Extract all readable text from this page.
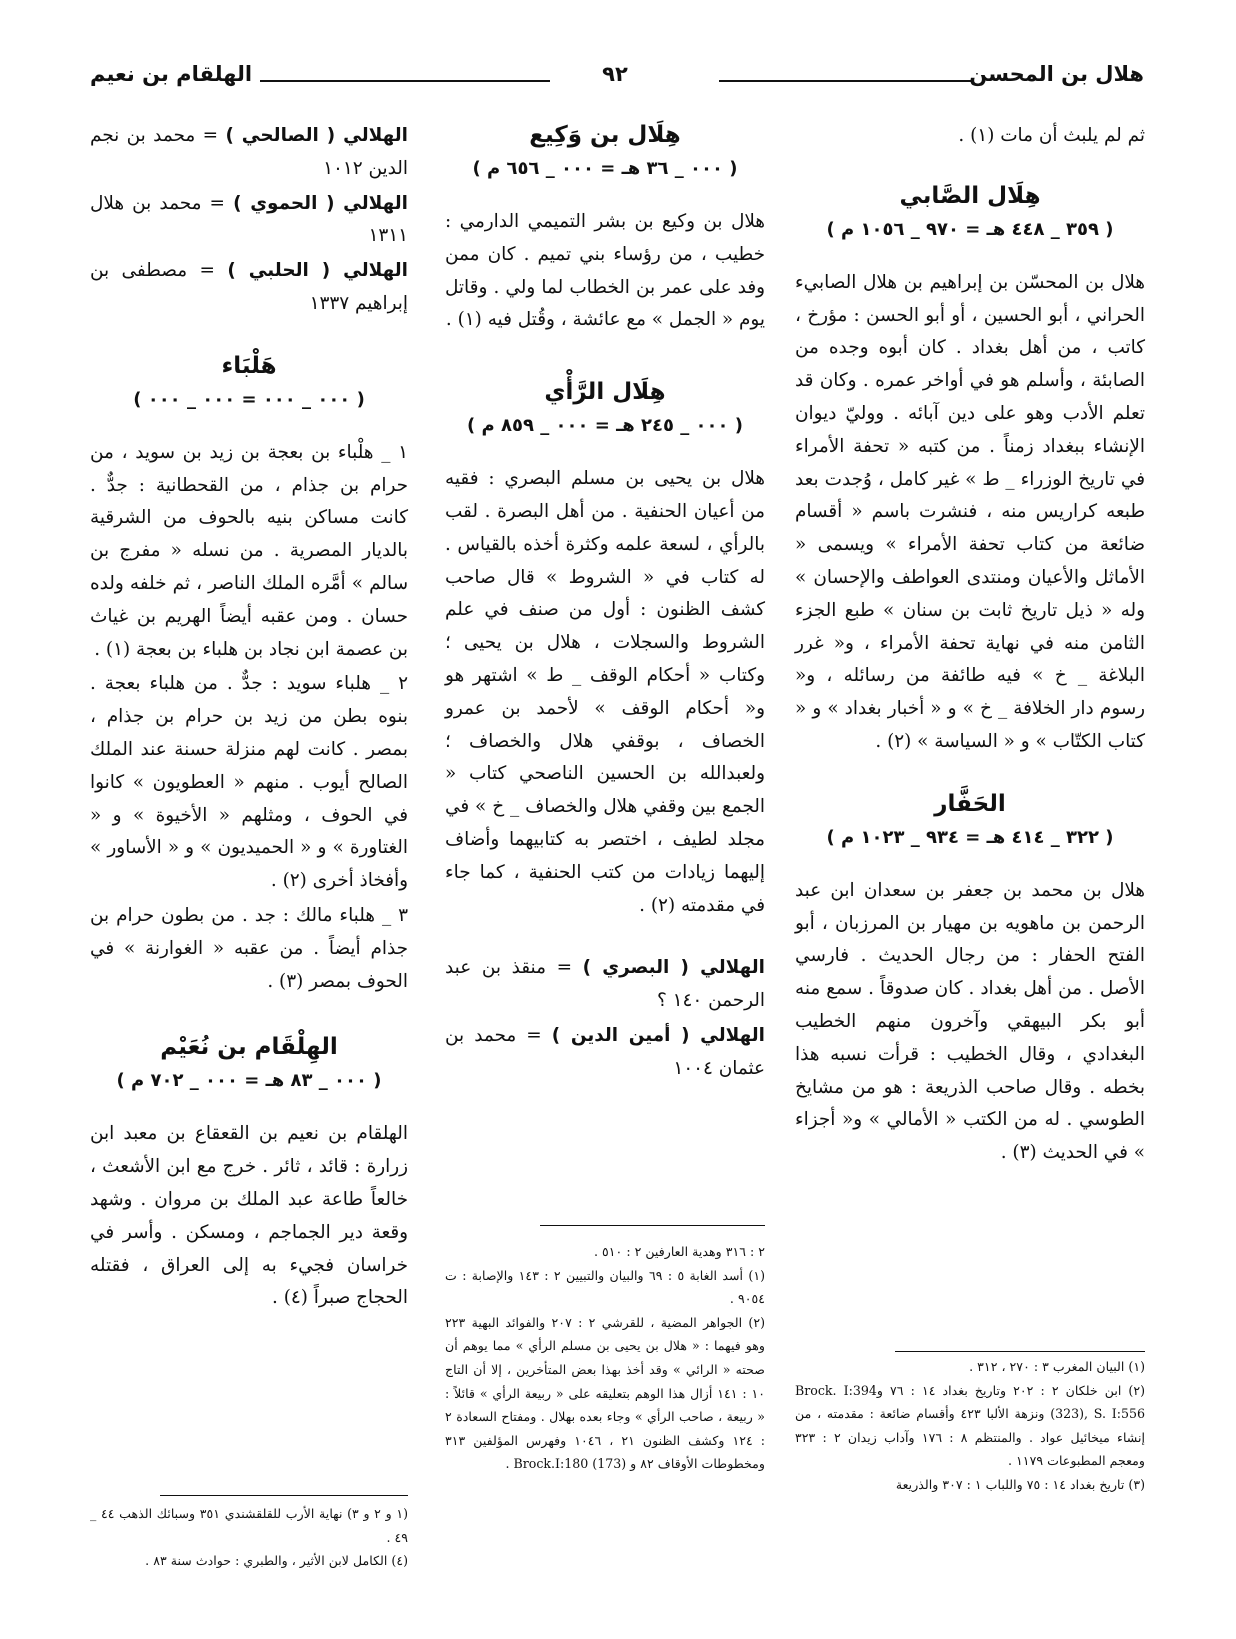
هلال بن المحسن
٩٢
الهلقام بن نعيم

ثم لم يلبث أن مات (١) .

هِلَال الصَّابي
( ٣٥٩ _ ٤٤٨ هـ = ٩٧٠ _ ١٠٥٦ م )

هلال بن المحسّن بن إبراهيم بن هلال الصابيء الحراني ، أبو الحسين ، أو أبو الحسن : مؤرخ ، كاتب ، من أهل بغداد . كان أبوه وجده من الصابئة ، وأسلم هو في أواخر عمره . وكان قد تعلم الأدب وهو على دين آبائه . ووليّ ديوان الإنشاء ببغداد زمناً . من كتبه « تحفة الأمراء في تاريخ الوزراء _ ط » غير كامل ، وُجدت بعد طبعه كراريس منه ، فنشرت باسم « أقسام ضائعة من كتاب تحفة الأمراء » ويسمى « الأماثل والأعيان ومنتدى العواطف والإحسان » وله « ذيل تاريخ ثابت بن سنان » طبع الجزء الثامن منه في نهاية تحفة الأمراء ، و« غرر البلاغة _ خ » فيه طائفة من رسائله ، و« رسوم دار الخلافة _ خ » و « أخبار بغداد » و « كتاب الكتّاب » و « السياسة » (٢) .

الحَفَّار
( ٣٢٢ _ ٤١٤ هـ = ٩٣٤ _ ١٠٢٣ م )

هلال بن محمد بن جعفر بن سعدان ابن عبد الرحمن بن ماهويه بن مهيار بن المرزبان ، أبو الفتح الحفار : من رجال الحديث . فارسي الأصل . من أهل بغداد . كان صدوقاً . سمع منه أبو بكر البيهقي وآخرون منهم الخطيب البغدادي ، وقال الخطيب : قرأت نسبه هذا بخطه . وقال صاحب الذريعة : هو من مشايخ الطوسي . له من الكتب « الأمالي » و« أجزاء » في الحديث (٣) .

هِلَال بن وَكِيع
( ٠٠٠ _ ٣٦ هـ = ٠٠٠ _ ٦٥٦ م )

هلال بن وكيع بن بشر التميمي الدارمي : خطيب ، من رؤساء بني تميم . كان ممن وفد على عمر بن الخطاب لما ولي . وقاتل يوم « الجمل » مع عائشة ، وقُتل فيه (١) .

هِلَال الرَّأْي
( ٠٠٠ _ ٢٤٥ هـ = ٠٠٠ _ ٨٥٩ م )

هلال بن يحيى بن مسلم البصري : فقيه من أعيان الحنفية . من أهل البصرة . لقب بالرأي ، لسعة علمه وكثرة أخذه بالقياس . له كتاب في « الشروط » قال صاحب كشف الظنون : أول من صنف في علم الشروط والسجلات ، هلال بن يحيى ؛ وكتاب « أحكام الوقف _ ط » اشتهر هو و« أحكام الوقف » لأحمد بن عمرو الخصاف ، بوقفي هلال والخصاف ؛ ولعبدالله بن الحسين الناصحي كتاب « الجمع بين وقفي هلال والخصاف _ خ » في مجلد لطيف ، اختصر به كتابيهما وأضاف إليهما زيادات من كتب الحنفية ، كما جاء في مقدمته (٢) .

الهلالي ( البصري ) = منقذ بن عبد الرحمن ١٤٠ ؟

الهلالي ( أمين الدين ) = محمد بن عثمان ١٠٠٤

الهلالي ( الصالحي ) = محمد بن نجم الدين ١٠١٢

الهلالي ( الحموي ) = محمد بن هلال ١٣١١

الهلالي ( الحلبي ) = مصطفى بن إبراهيم ١٣٣٧

هَلْبَاء
( ٠٠٠ _ ٠٠٠ = ٠٠٠ _ ٠٠٠ )

١ _ هلْباء بن بعجة بن زيد بن سويد ، من حرام بن جذام ، من القحطانية : جدٌّ . كانت مساكن بنيه بالحوف من الشرقية بالديار المصرية . من نسله « مفرج بن سالم » أمَّره الملك الناصر ، ثم خلفه ولده حسان . ومن عقبه أيضاً الهريم بن غياث بن عصمة ابن نجاد بن هلباء بن بعجة (١) .

٢ _ هلباء سويد : جدٌّ . من هلباء بعجة . بنوه بطن من زيد بن حرام بن جذام ، بمصر . كانت لهم منزلة حسنة عند الملك الصالح أيوب . منهم « العطويون » كانوا في الحوف ، ومثلهم « الأخيوة » و « الغتاورة » و « الحميديون » و « الأساور » وأفخاذ أخرى (٢) .

٣ _ هلباء مالك : جد . من بطون حرام بن جذام أيضاً . من عقبه « الغوارنة » في الحوف بمصر (٣) .

الهِلْقَام بن نُعَيْم
( ٠٠٠ _ ٨٣ هـ = ٠٠٠ _ ٧٠٢ م )

الهلقام بن نعيم بن القعقاع بن معبد ابن زرارة : قائد ، ثائر . خرج مع ابن الأشعث ، خالعاً طاعة عبد الملك بن مروان . وشهد وقعة دير الجماجم ، ومسكن . وأسر في خراسان فجيء به إلى العراق ، فقتله الحجاج صبراً (٤) .

(١) البيان المغرب ٣ : ٢٧٠ ، ٣١٢ .

(٢) ابن خلكان ٢ : ٢٠٢ وتاريخ بغداد ١٤ : ٧٦ وBrock. I:394 (323), S. I:556 ونزهة الألبا ٤٢٣ وأقسام ضائعة : مقدمته ، من إنشاء ميخائيل عواد . والمنتظم ٨ : ١٧٦ وآداب زيدان ٢ : ٣٢٣ ومعجم المطبوعات ١١٧٩ .

(٣) تاريخ بغداد ١٤ : ٧٥ واللباب ١ : ٣٠٧ والذريعة

٢ : ٣١٦ وهدية العارفين ٢ : ٥١٠ .

(١) أسد الغابة ٥ : ٦٩ والبيان والتبيين ٢ : ١٤٣ والإصابة : ت ٩٠٥٤ .

(٢) الجواهر المضية ، للقرشي ٢ : ٢٠٧ والفوائد البهية ٢٢٣ وهو فيهما : « هلال بن يحيى بن مسلم الرأي » مما يوهم أن صحته « الرائي » وقد أخذ بهذا بعض المتأخرين ، إلا أن التاج ١٠ : ١٤١ أزال هذا الوهم بتعليقه على « ربيعة الرأي » قائلاً : « ربيعة ، صاحب الرأي » وجاء بعده بهلال . ومفتاح السعادة ٢ : ١٢٤ وكشف الظنون ٢١ ، ١٠٤٦ وفهرس المؤلفين ٣١٣ ومخطوطات الأوقاف ٨٢ و Brock.I:180 (173) .

(١ و ٢ و ٣) نهاية الأرب للقلقشندي ٣٥١ وسبائك الذهب ٤٤ _ ٤٩ .

(٤) الكامل لابن الأثير ، والطبري : حوادث سنة ٨٣ .
